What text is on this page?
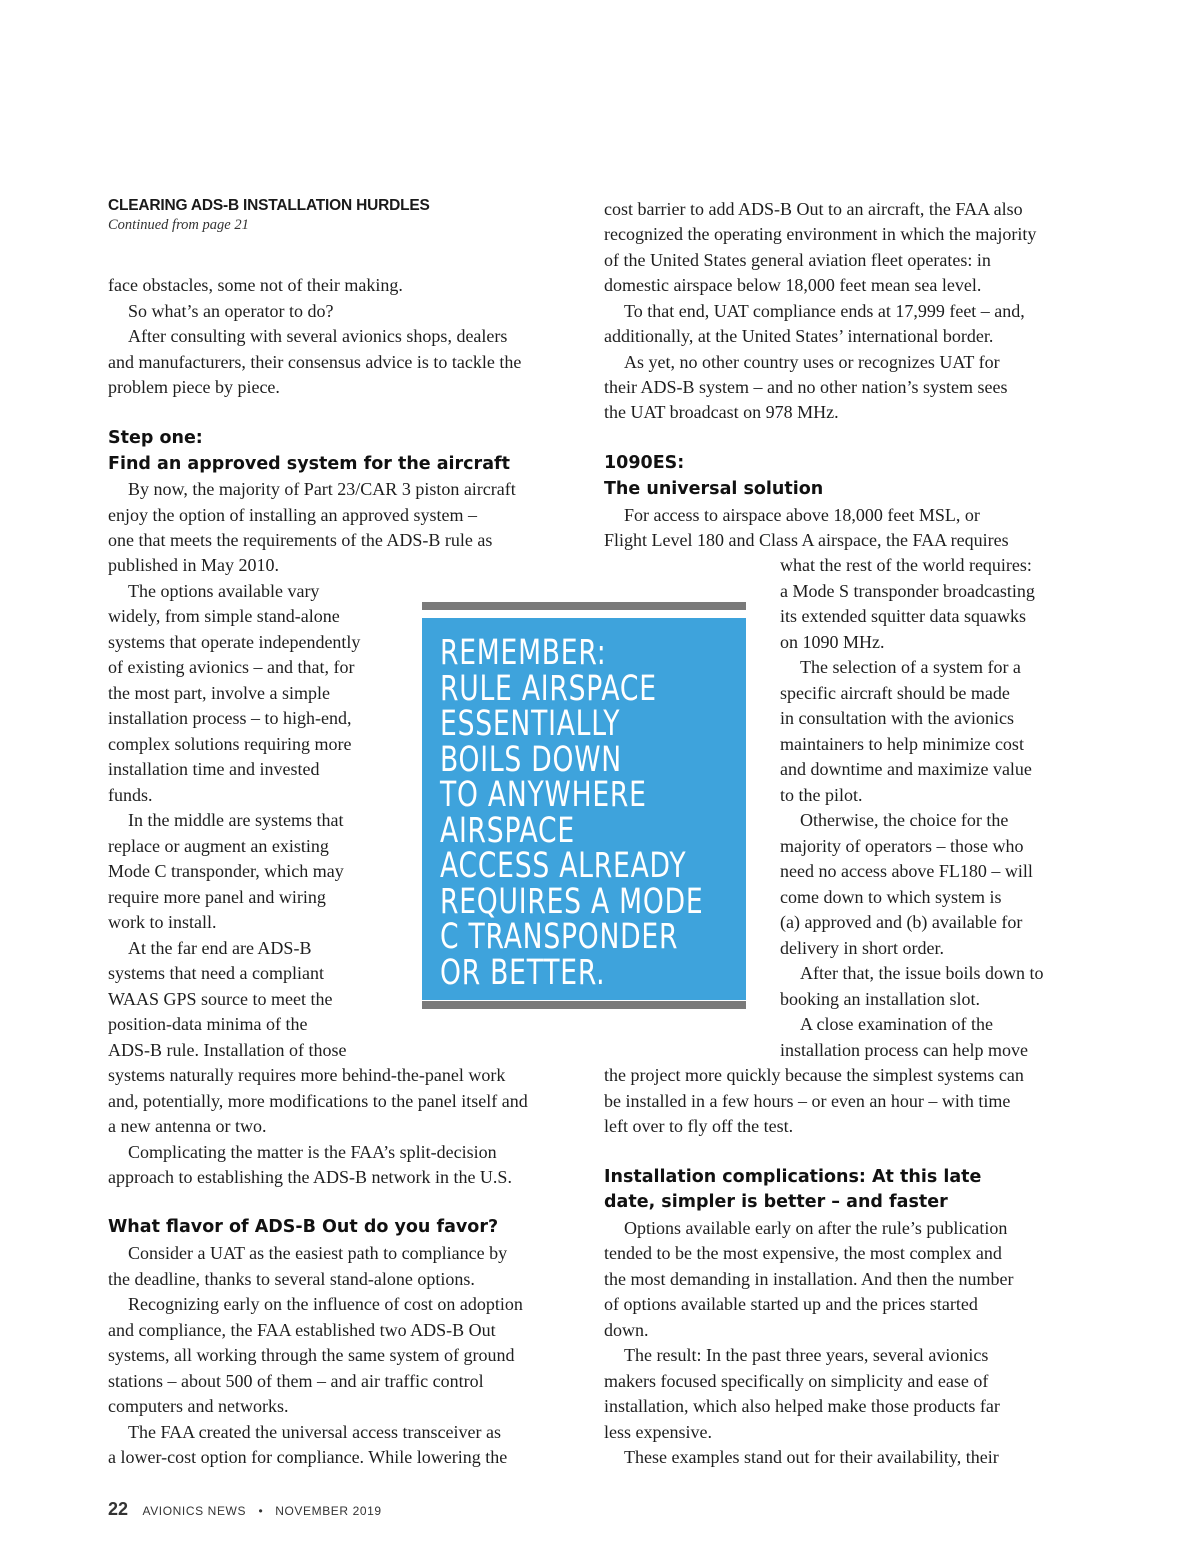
CLEARING ADS-B INSTALLATION HURDLES
Continued from page 21
face obstacles, some not of their making.
So what’s an operator to do?
After consulting with several avionics shops, dealers
and manufacturers, their consensus advice is to tackle the
problem piece by piece.
Step one:
Find an approved system for the aircraft
By now, the majority of Part 23/CAR 3 piston aircraft
enjoy the option of installing an approved system –
one that meets the requirements of the ADS-B rule as
published in May 2010.
The options available vary
widely, from simple stand-alone
systems that operate independently
of existing avionics – and that, for
the most part, involve a simple
installation process – to high-end,
complex solutions requiring more
installation time and invested
funds.
In the middle are systems that
replace or augment an existing
Mode C transponder, which may
require more panel and wiring
work to install.
At the far end are ADS-B
systems that need a compliant
WAAS GPS source to meet the
position-data minima of the
ADS-B rule. Installation of those
systems naturally requires more behind-the-panel work
and, potentially, more modifications to the panel itself and
a new antenna or two.
Complicating the matter is the FAA’s split-decision
approach to establishing the ADS-B network in the U.S.
What flavor of ADS-B Out do you favor?
Consider a UAT as the easiest path to compliance by
the deadline, thanks to several stand-alone options.
Recognizing early on the influence of cost on adoption
and compliance, the FAA established two ADS-B Out
systems, all working through the same system of ground
stations – about 500 of them – and air traffic control
computers and networks.
The FAA created the universal access transceiver as
a lower-cost option for compliance. While lowering the
cost barrier to add ADS-B Out to an aircraft, the FAA also
recognized the operating environment in which the majority
of the United States general aviation fleet operates: in
domestic airspace below 18,000 feet mean sea level.
To that end, UAT compliance ends at 17,999 feet – and,
additionally, at the United States’ international border.
As yet, no other country uses or recognizes UAT for
their ADS-B system – and no other nation’s system sees
the UAT broadcast on 978 MHz.
1090ES:
The universal solution
For access to airspace above 18,000 feet MSL, or
Flight Level 180 and Class A airspace, the FAA requires
what the rest of the world requires:
a Mode S transponder broadcasting
its extended squitter data squawks
on 1090 MHz.
The selection of a system for a
specific aircraft should be made
in consultation with the avionics
maintainers to help minimize cost
and downtime and maximize value
to the pilot.
Otherwise, the choice for the
majority of operators – those who
need no access above FL180 – will
come down to which system is
(a) approved and (b) available for
delivery in short order.
After that, the issue boils down to
booking an installation slot.
A close examination of the
installation process can help move
the project more quickly because the simplest systems can
be installed in a few hours – or even an hour – with time
left over to fly off the test.
Installation complications: At this late
date, simpler is better – and faster
Options available early on after the rule’s publication
tended to be the most expensive, the most complex and
the most demanding in installation. And then the number
of options available started up and the prices started
down.
The result: In the past three years, several avionics
makers focused specifically on simplicity and ease of
installation, which also helped make those products far
less expensive.
These examples stand out for their availability, their
REMEMBER:
RULE AIRSPACE
ESSENTIALLY
BOILS DOWN
TO ANYWHERE
AIRSPACE
ACCESS ALREADY
REQUIRES A MODE
C TRANSPONDER
OR BETTER.
22 AVIONICS NEWS • NOVEMBER 2019
